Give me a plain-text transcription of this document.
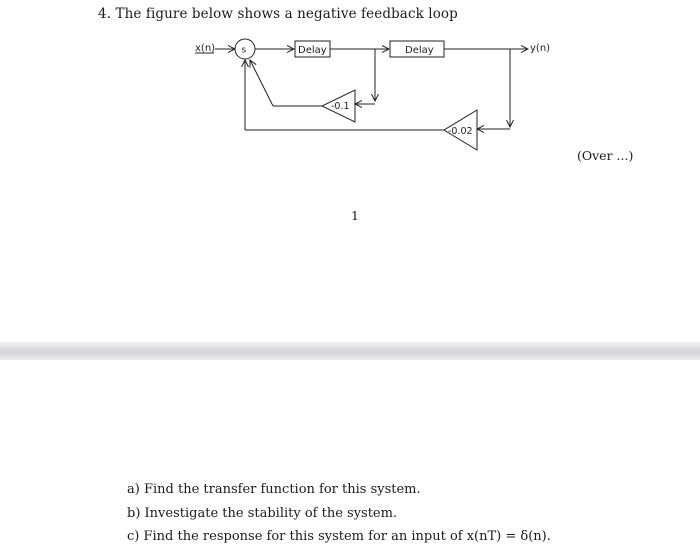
4. The figure below shows a negative feedback loop
x(n)	s	Delay	Delay	y(n)
-0.1
-0.02
(Over ...)
1
a) Find the transfer function for this system.
b) Investigate the stability of the system.
c) Find the response for this system for an input of x(nT) = δ(n).
